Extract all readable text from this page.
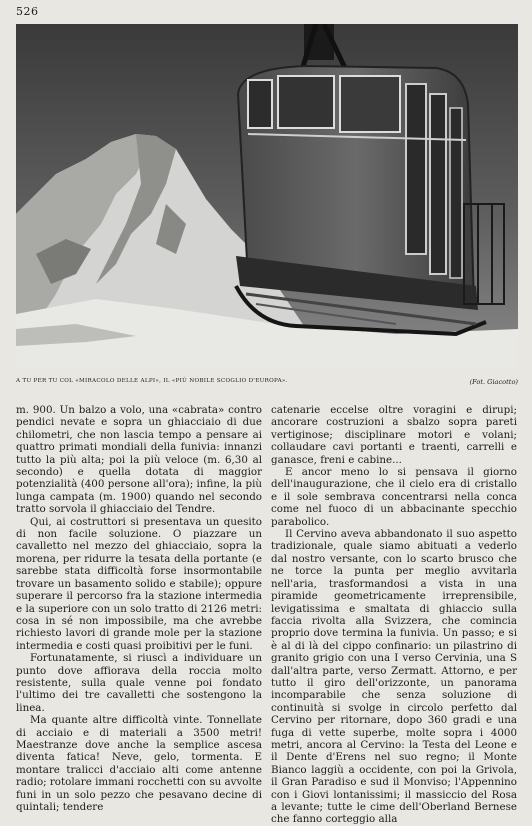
526
A TU PER TU COL «MIRACOLO DELLE ALPI», IL «PIÙ NOBILE SCOGLIO D'EUROPA».	(Fot. Giacotto)

m. 900. Un balzo a volo, una «cabrata» contro pendici nevate e sopra un ghiacciaio di due chilometri, che non lascia tempo a pensare ai quattro primati mondiali della funivia: innanzi tutto la più alta; poi la più veloce (m. 6,30 al secondo) e quella dotata di maggior potenzialità (400 persone all'ora); infine, la più lunga campata (m. 1900) quando nel secondo tratto sorvola il ghiacciaio del Tendre.

Qui, ai costruttori si presentava un quesito di non facile soluzione. O piazzare un cavalletto nel mezzo del ghiacciaio, sopra la morena, per ridurre la tesata della portante (e sarebbe stata difficoltà forse insormontabile trovare un basamento solido e stabile); oppure superare il percorso fra la stazione intermedia e la superiore con un solo tratto di 2126 metri: cosa in sé non impossibile, ma che avrebbe richiesto lavori di grande mole per la stazione intermedia e costi quasi proibitivi per le funi.

Fortunatamente, si riuscì a individuare un punto dove affiorava della roccia molto resistente, sulla quale venne poi fondato l'ultimo dei tre cavalletti che sostengono la linea.

Ma quante altre difficoltà vinte. Tonnellate di acciaio e di materiali a 3500 metri! Maestranze dove anche la semplice ascesa diventa fatica! Neve, gelo, tormenta. E montare tralicci d'acciaio alti come antenne radio; rotolare immani rocchetti con su avvolte funi in un solo pezzo che pesavano decine di quintali; tendere

catenarie eccelse oltre voragini e dirupi; ancorare costruzioni a sbalzo sopra pareti vertiginose; disciplinare motori e volani; collaudare cavi portanti e traenti, carrelli e ganasce, freni e cabine...

E ancor meno lo si pensava il giorno dell'inaugurazione, che il cielo era di cristallo e il sole sembrava concentrarsi nella conca come nel fuoco di un abbacinante specchio parabolico.

Il Cervino aveva abbandonato il suo aspetto tradizionale, quale siamo abituati a vederlo dal nostro versante, con lo scarto brusco che ne torce la punta per meglio avvitarla nell'aria, trasformandosi a vista in una piramide geometricamente irreprensibile, levigatissima e smaltata di ghiaccio sulla faccia rivolta alla Svizzera, che comincia proprio dove termina la funivia. Un passo; e si è al di là del cippo confinario: un pilastrino di granito grigio con una I verso Cervinia, una S dall'altra parte, verso Zermatt. Attorno, e per tutto il giro dell'orizzonte, un panorama incomparabile che senza soluzione di continuità si svolge in circolo perfetto dal Cervino per ritornare, dopo 360 gradi e una fuga di vette superbe, molte sopra i 4000 metri, ancora al Cervino: la Testa del Leone e il Dente d'Erens nel suo regno; il Monte Bianco laggiù a occidente, con poi la Grivola, il Gran Paradiso e sud il Monviso; l'Appennino con i Giovi lontanissimi; il massiccio del Rosa a levante; tutte le cime dell'Oberland Bernese che fanno corteggio alla
